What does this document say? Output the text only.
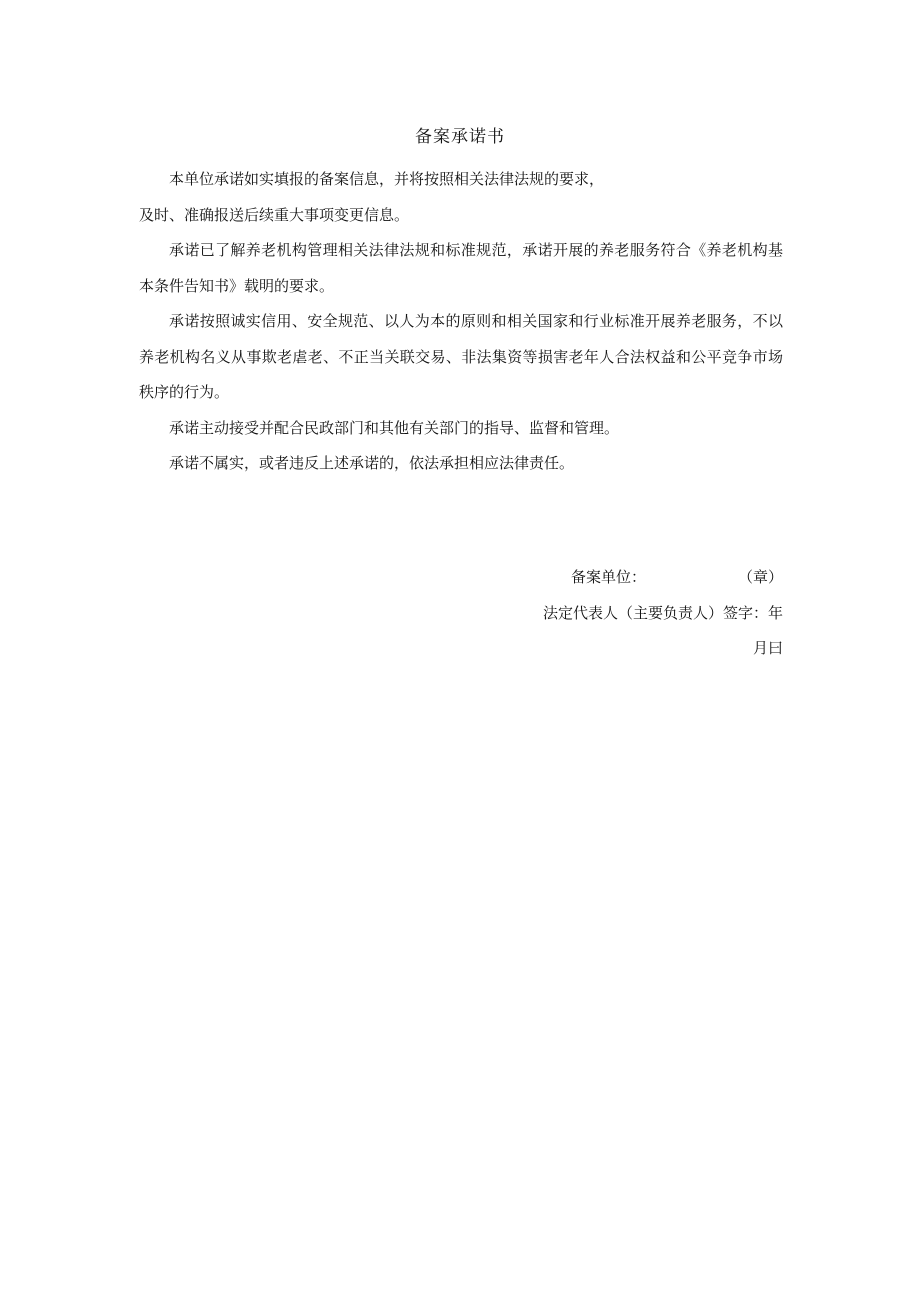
备案承诺书

本单位承诺如实填报的备案信息，并将按照相关法律法规的要求，

及时、准确报送后续重大事项变更信息。

承诺已了解养老机构管理相关法律法规和标准规范，承诺开展的养老服务符合《养老机构基本条件告知书》载明的要求。

承诺按照诚实信用、安全规范、以人为本的原则和相关国家和行业标准开展养老服务，不以养老机构名义从事欺老虐老、不正当关联交易、非法集资等损害老年人合法权益和公平竞争市场秩序的行为。

承诺主动接受并配合民政部门和其他有关部门的指导、监督和管理。

承诺不属实，或者违反上述承诺的，依法承担相应法律责任。

备案单位：	（章）
法定代表人（主要负责人）签字：年
月曰
